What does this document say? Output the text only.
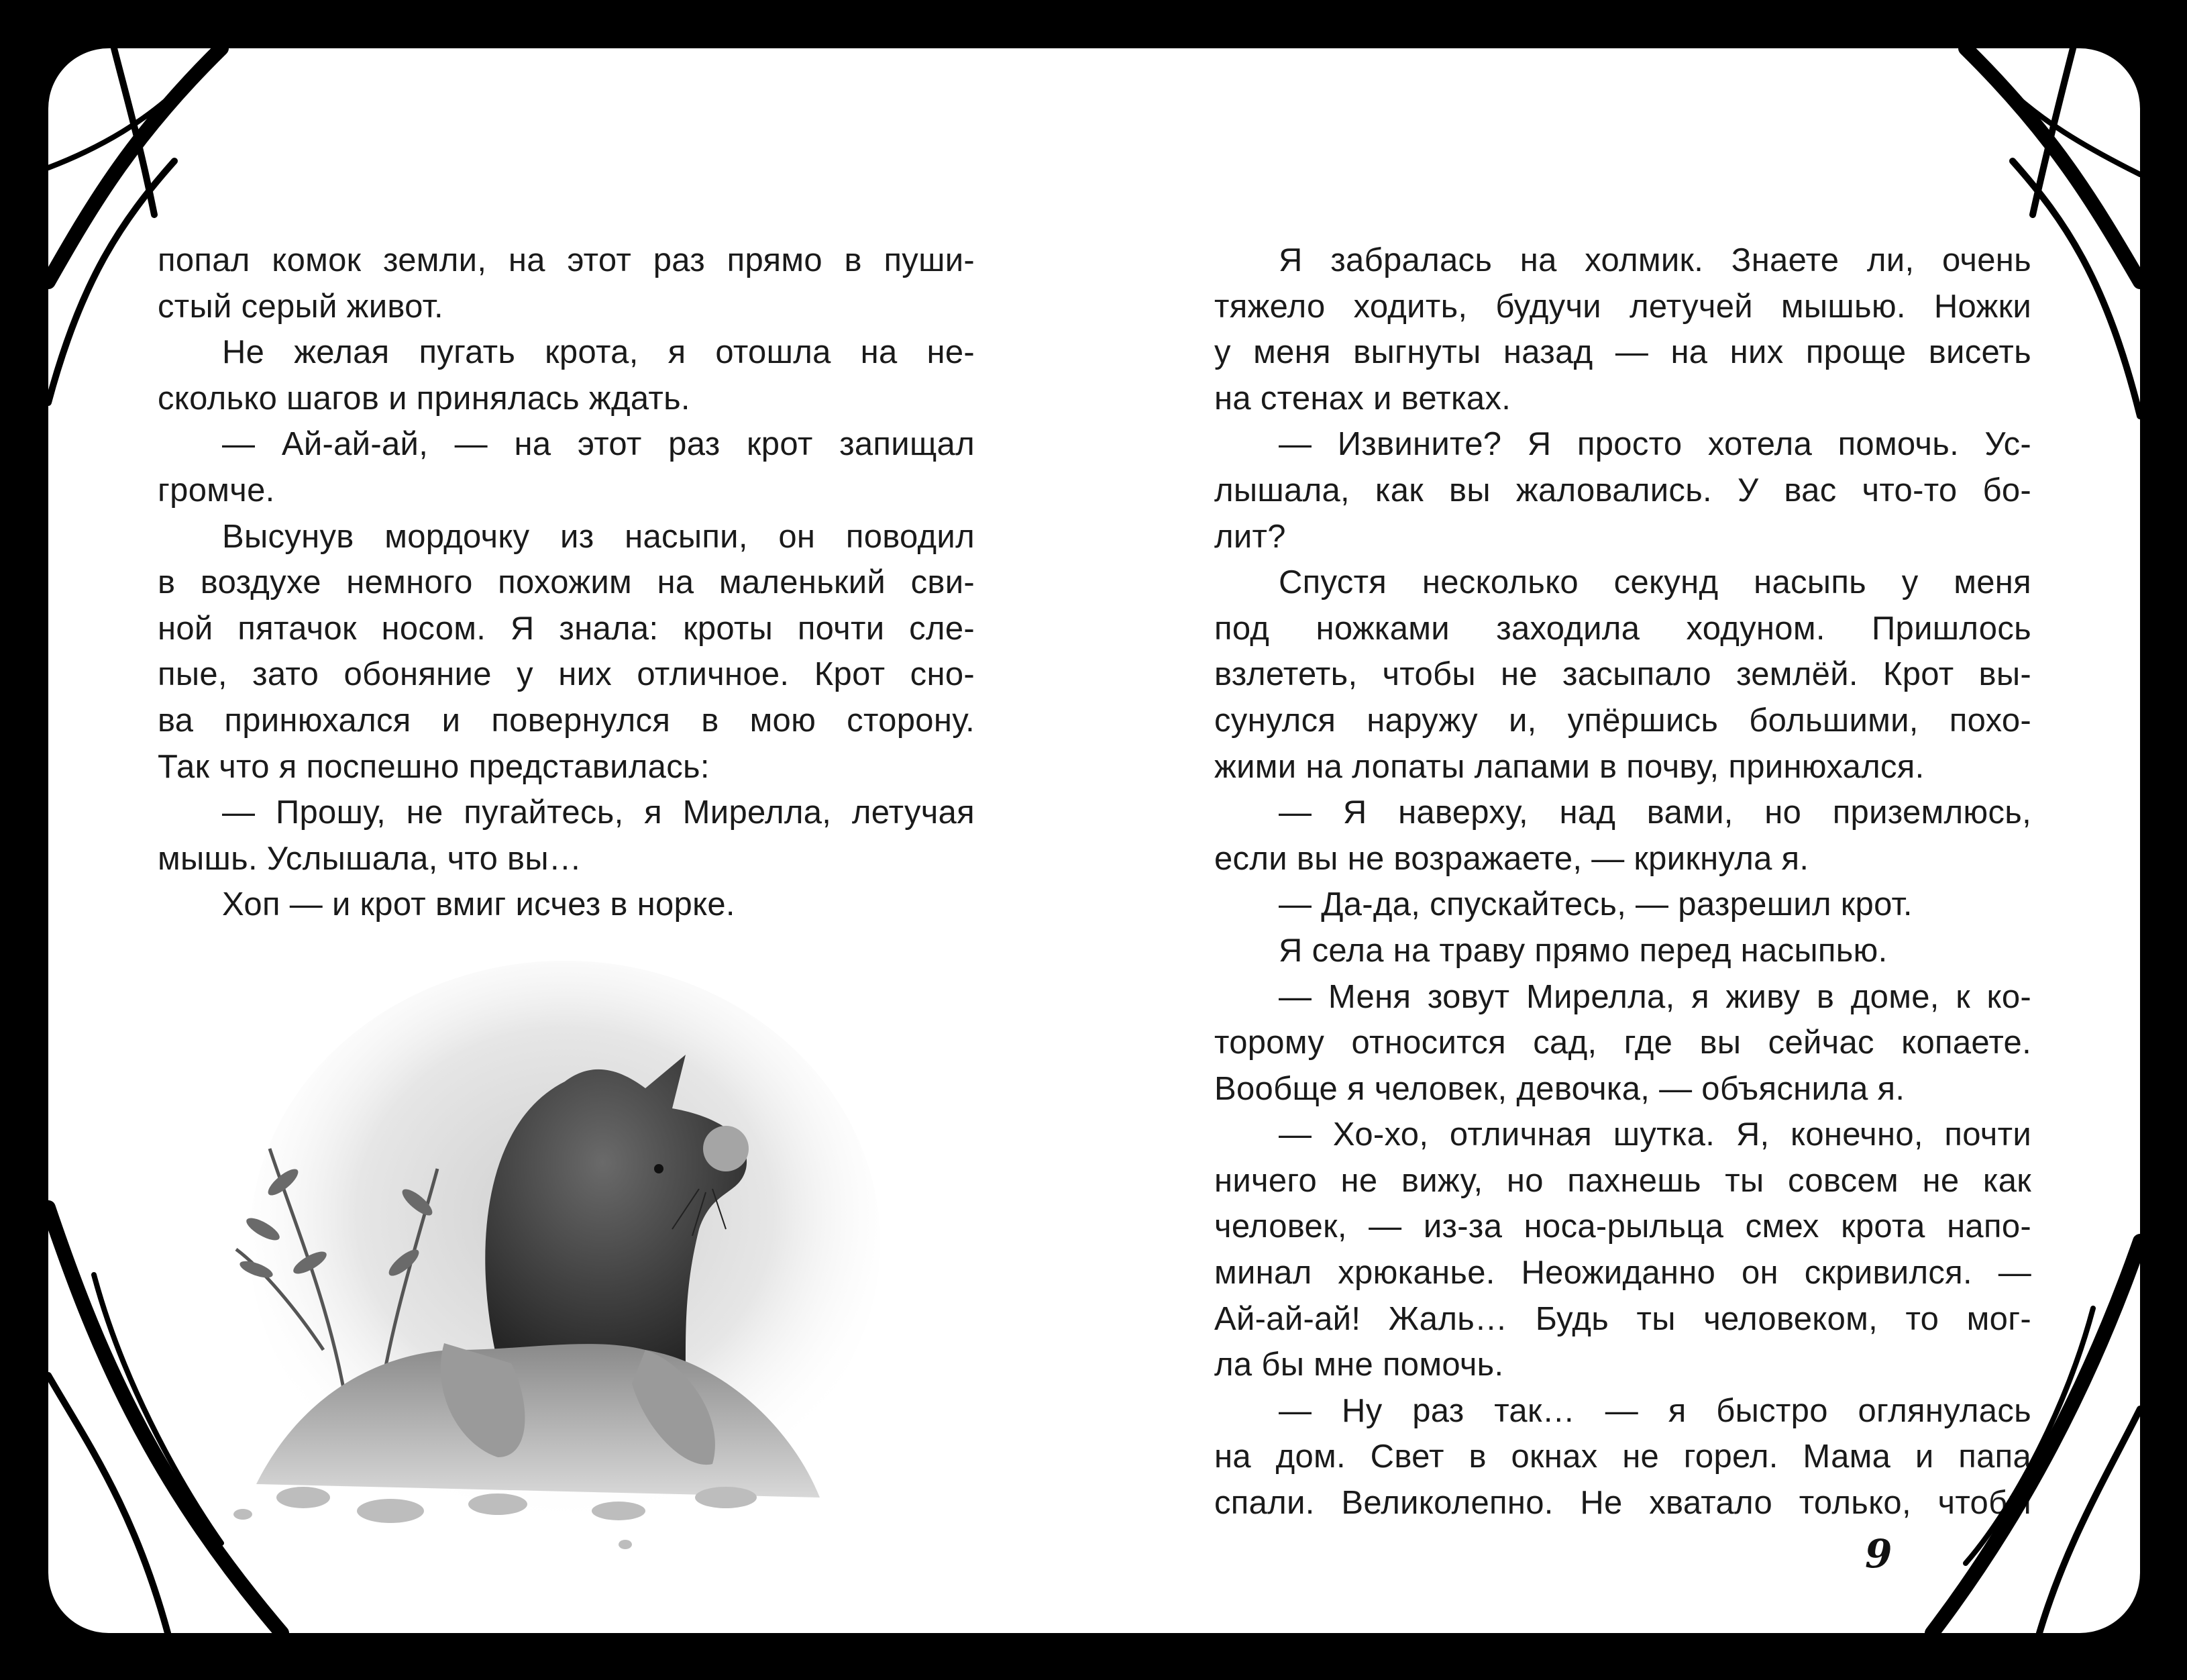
попал комок земли, на этот раз прямо в пуши-
стый серый живот.
Не желая пугать крота, я отошла на не-
сколько шагов и принялась ждать.
— Ай-ай-ай, — на этот раз крот запищал
громче.
Высунув мордочку из насыпи, он поводил
в воздухе немного похожим на маленький сви-
ной пятачок носом. Я знала: кроты почти сле-
пые, зато обоняние у них отличное. Крот сно-
ва принюхался и повернулся в мою сторону.
Так что я поспешно представилась:
— Прошу, не пугайтесь, я Мирелла, летучая
мышь. Услышала, что вы…
Хоп — и крот вмиг исчез в норке.
Я забралась на холмик. Знаете ли, очень
тяжело ходить, будучи летучей мышью. Ножки
у меня выгнуты назад — на них проще висеть
на стенах и ветках.
— Извините? Я просто хотела помочь. Ус-
лышала, как вы жаловались. У вас что-то бо-
лит?
Спустя несколько секунд насыпь у меня
под ножками заходила ходуном. Пришлось
взлететь, чтобы не засыпало землёй. Крот вы-
сунулся наружу и, упёршись большими, похо-
жими на лопаты лапами в почву, принюхался.
— Я наверху, над вами, но приземлюсь,
если вы не возражаете, — крикнула я.
— Да-да, спускайтесь, — разрешил крот.
Я села на траву прямо перед насыпью.
— Меня зовут Мирелла, я живу в доме, к ко-
торому относится сад, где вы сейчас копаете.
Вообще я человек, девочка, — объяснила я.
— Хо-хо, отличная шутка. Я, конечно, почти
ничего не вижу, но пахнешь ты совсем не как
человек, — из-за носа-рыльца смех крота напо-
минал хрюканье. Неожиданно он скривился. —
Ай-ай-ай! Жаль… Будь ты человеком, то мог-
ла бы мне помочь.
— Ну раз так… — я быстро оглянулась
на дом. Свет в окнах не горел. Мама и папа
спали. Великолепно. Не хватало только, чтобы
9
